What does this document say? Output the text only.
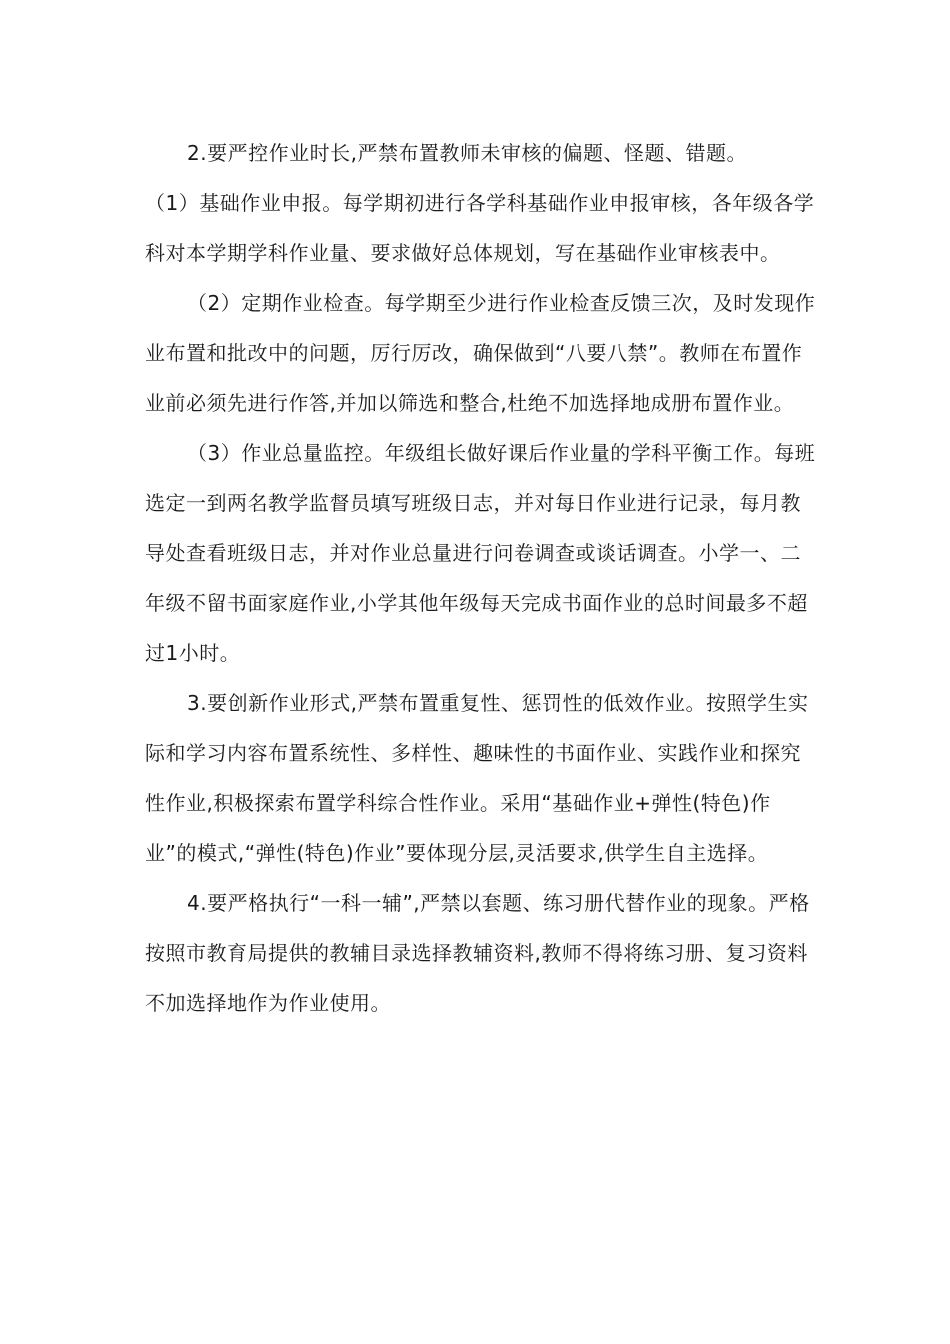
2.要严控作业时长,严禁布置教师未审核的偏题、怪题、错题。

（1）基础作业申报。每学期初进行各学科基础作业申报审核，各年级各学科对本学期学科作业量、要求做好总体规划，写在基础作业审核表中。

（2）定期作业检查。每学期至少进行作业检查反馈三次，及时发现作业布置和批改中的问题，厉行厉改，确保做到“八要八禁”。教师在布置作业前必须先进行作答,并加以筛选和整合,杜绝不加选择地成册布置作业。

（3）作业总量监控。年级组长做好课后作业量的学科平衡工作。每班选定一到两名教学监督员填写班级日志，并对每日作业进行记录，每月教导处查看班级日志，并对作业总量进行问卷调查或谈话调查。小学一、二年级不留书面家庭作业,小学其他年级每天完成书面作业的总时间最多不超过1小时。

3.要创新作业形式,严禁布置重复性、惩罚性的低效作业。按照学生实际和学习内容布置系统性、多样性、趣味性的书面作业、实践作业和探究性作业,积极探索布置学科综合性作业。采用“基础作业+弹性(特色)作业”的模式,“弹性(特色)作业”要体现分层,灵活要求,供学生自主选择。

4.要严格执行“一科一辅”,严禁以套题、练习册代替作业的现象。严格按照市教育局提供的教辅目录选择教辅资料,教师不得将练习册、复习资料不加选择地作为作业使用。
